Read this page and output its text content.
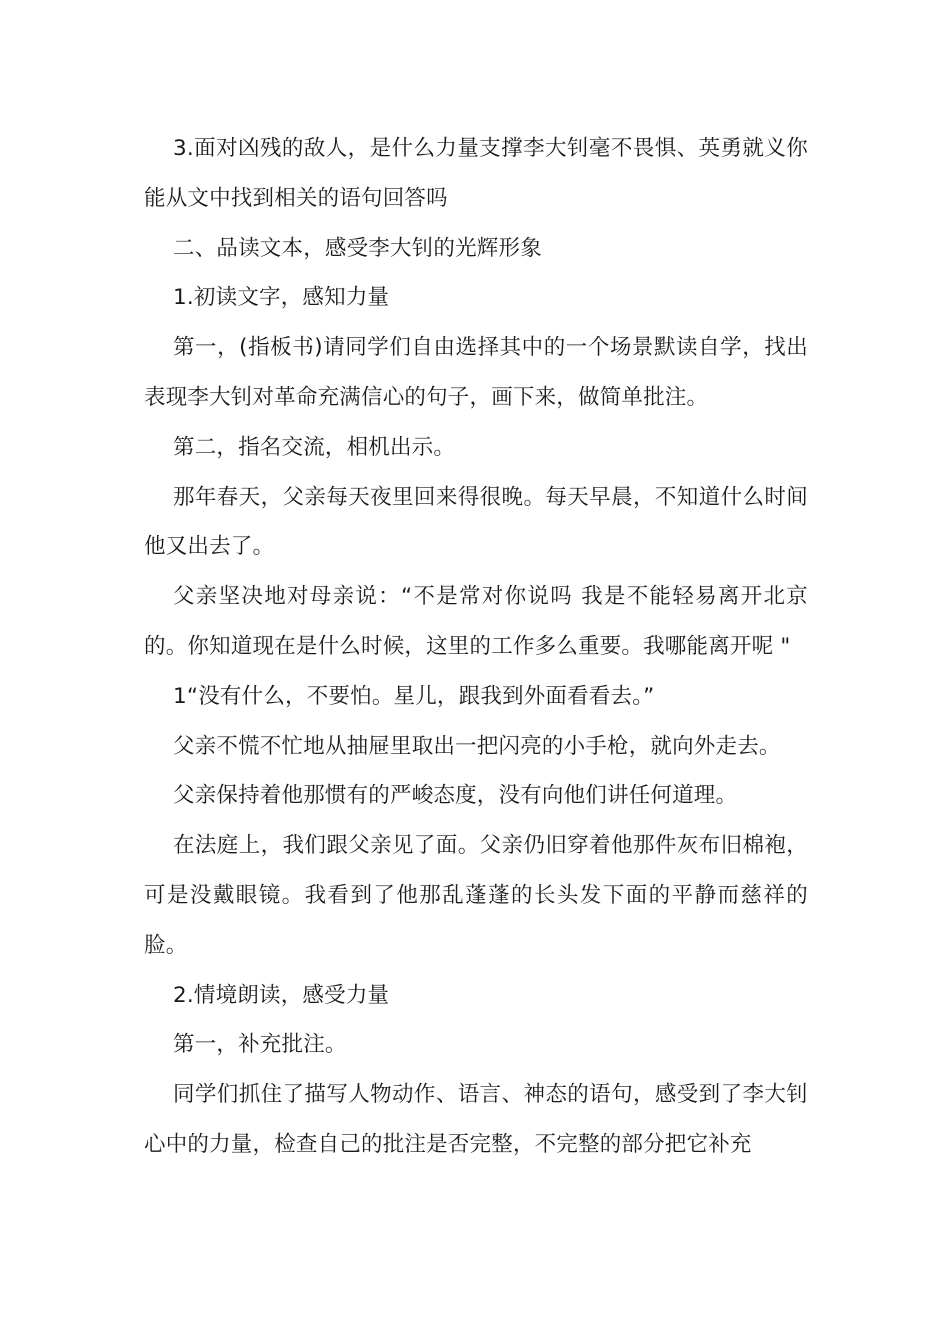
3.面对凶残的敌人，是什么力量支撑李大钊毫不畏惧、英勇就义你能从文中找到相关的语句回答吗

二、品读文本，感受李大钊的光辉形象

1.初读文字，感知力量

第一，(指板书)请同学们自由选择其中的一个场景默读自学，找出表现李大钊对革命充满信心的句子，画下来，做简单批注。

第二，指名交流，相机出示。

那年春天，父亲每天夜里回来得很晚。每天早晨，不知道什么时间他又出去了。

父亲坚决地对母亲说：“不是常对你说吗 我是不能轻易离开北京的。你知道现在是什么时候，这里的工作多么重要。我哪能离开呢 "

1“没有什么，不要怕。星儿，跟我到外面看看去。”

父亲不慌不忙地从抽屉里取出一把闪亮的小手枪，就向外走去。

父亲保持着他那惯有的严峻态度，没有向他们讲任何道理。

在法庭上，我们跟父亲见了面。父亲仍旧穿着他那件灰布旧棉袍，可是没戴眼镜。我看到了他那乱蓬蓬的长头发下面的平静而慈祥的脸。

2.情境朗读，感受力量

第一，补充批注。

同学们抓住了描写人物动作、语言、神态的语句，感受到了李大钊心中的力量，检查自己的批注是否完整，不完整的部分把它补充
